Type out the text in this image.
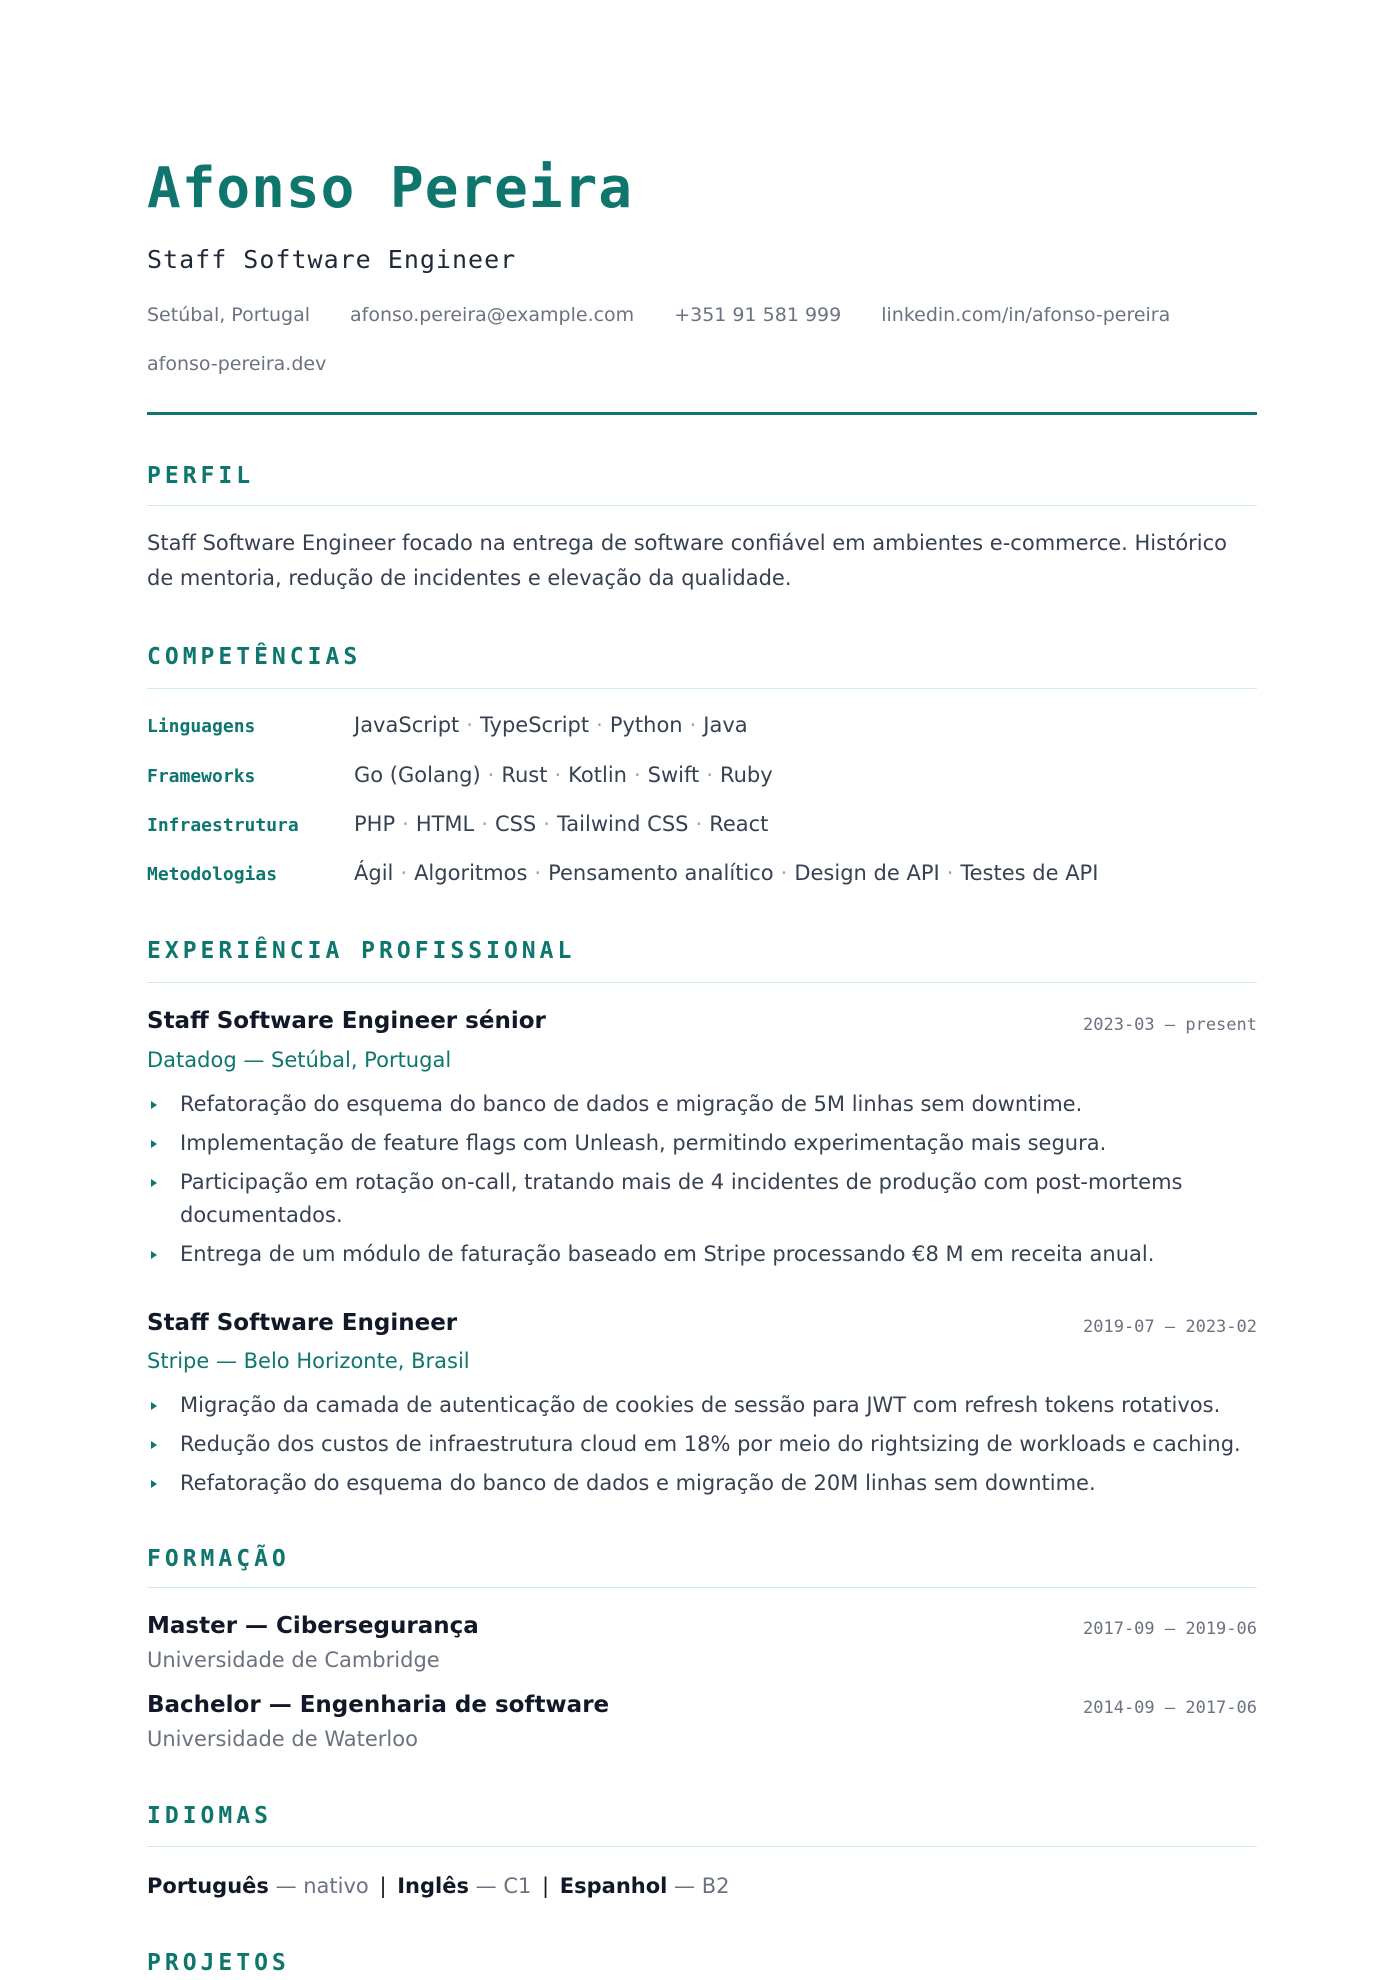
Afonso Pereira
Staff Software Engineer
Setúbal, Portugal afonso.pereira@example.com +351 91 581 999 linkedin.com/in/afonso-pereira
afonso-pereira.dev
PERFIL
Staff Software Engineer focado na entrega de software confiável em ambientes e-commerce. Histórico de mentoria, redução de incidentes e elevação da qualidade.
COMPETÊNCIAS
Linguagens	JavaScript · TypeScript · Python · Java
Frameworks	Go (Golang) · Rust · Kotlin · Swift · Ruby
Infraestrutura	PHP · HTML · CSS · Tailwind CSS · React
Metodologias	Ágil · Algoritmos · Pensamento analítico · Design de API · Testes de API
EXPERIÊNCIA PROFISSIONAL
Staff Software Engineer sénior	2023-03 — present
Datadog — Setúbal, Portugal
Refatoração do esquema do banco de dados e migração de 5M linhas sem downtime.
Implementação de feature flags com Unleash, permitindo experimentação mais segura.
Participação em rotação on-call, tratando mais de 4 incidentes de produção com post-mortems documentados.
Entrega de um módulo de faturação baseado em Stripe processando €8 M em receita anual.
Staff Software Engineer	2019-07 — 2023-02
Stripe — Belo Horizonte, Brasil
Migração da camada de autenticação de cookies de sessão para JWT com refresh tokens rotativos.
Redução dos custos de infraestrutura cloud em 18% por meio do rightsizing de workloads e caching.
Refatoração do esquema do banco de dados e migração de 20M linhas sem downtime.
FORMAÇÃO
Master — Cibersegurança	2017-09 — 2019-06
Universidade de Cambridge
Bachelor — Engenharia de software	2014-09 — 2017-06
Universidade de Waterloo
IDIOMAS
Português — nativo | Inglês — C1 | Espanhol — B2
PROJETOS
